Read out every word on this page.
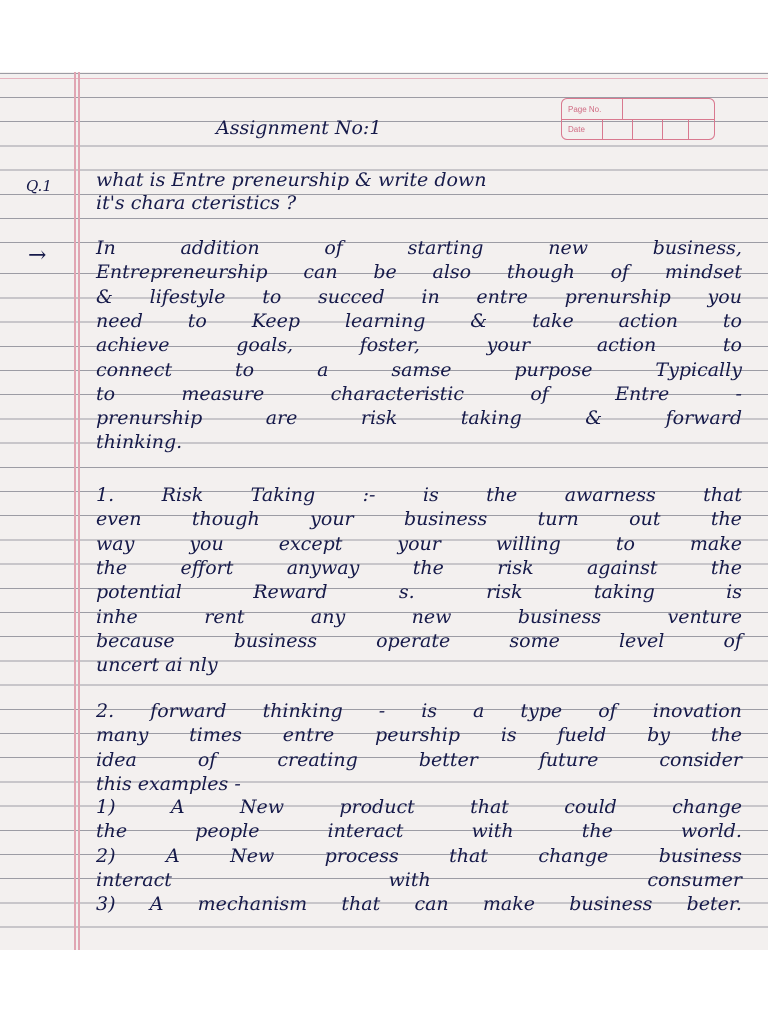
Page No.
Date
Assignment No:1
Q.1 what is Entre preneurship & write down
it's chara cteristics ?
→	In	addition	of	starting	new	business,
Entrepreneurship can be also though of mindset
& lifestyle to succed in entre prenurship you
need to Keep learning & take action to
achieve	goals,	foster,	your	action	to
connect	to	a	samse	purpose	Typically
to	measure	characteristic	of	Entre	-
prenurship	are	risk	taking	&	forward
thinking.
1. Risk Taking :- is the awarness that
even	though	your	business	turn	out	the
way	you	except	your	willing	to	make
the	effort	anyway	the	risk	against	the
potential	Reward	s.	risk	taking	is
inhe	rent	any	new	business	venture
because	business	operate	some	level	of
uncert ai nly
2. forward thinking - is a type of inovation
many times entre peurship is fueld by the
idea	of	creating	better	future	consider
this examples -
1)	A	New	product	that	could	change
the	people	interact	with	the	world.
2)	A	New	process	that	change	business
interact	with	consumer
3) A mechanism that can make business beter.
